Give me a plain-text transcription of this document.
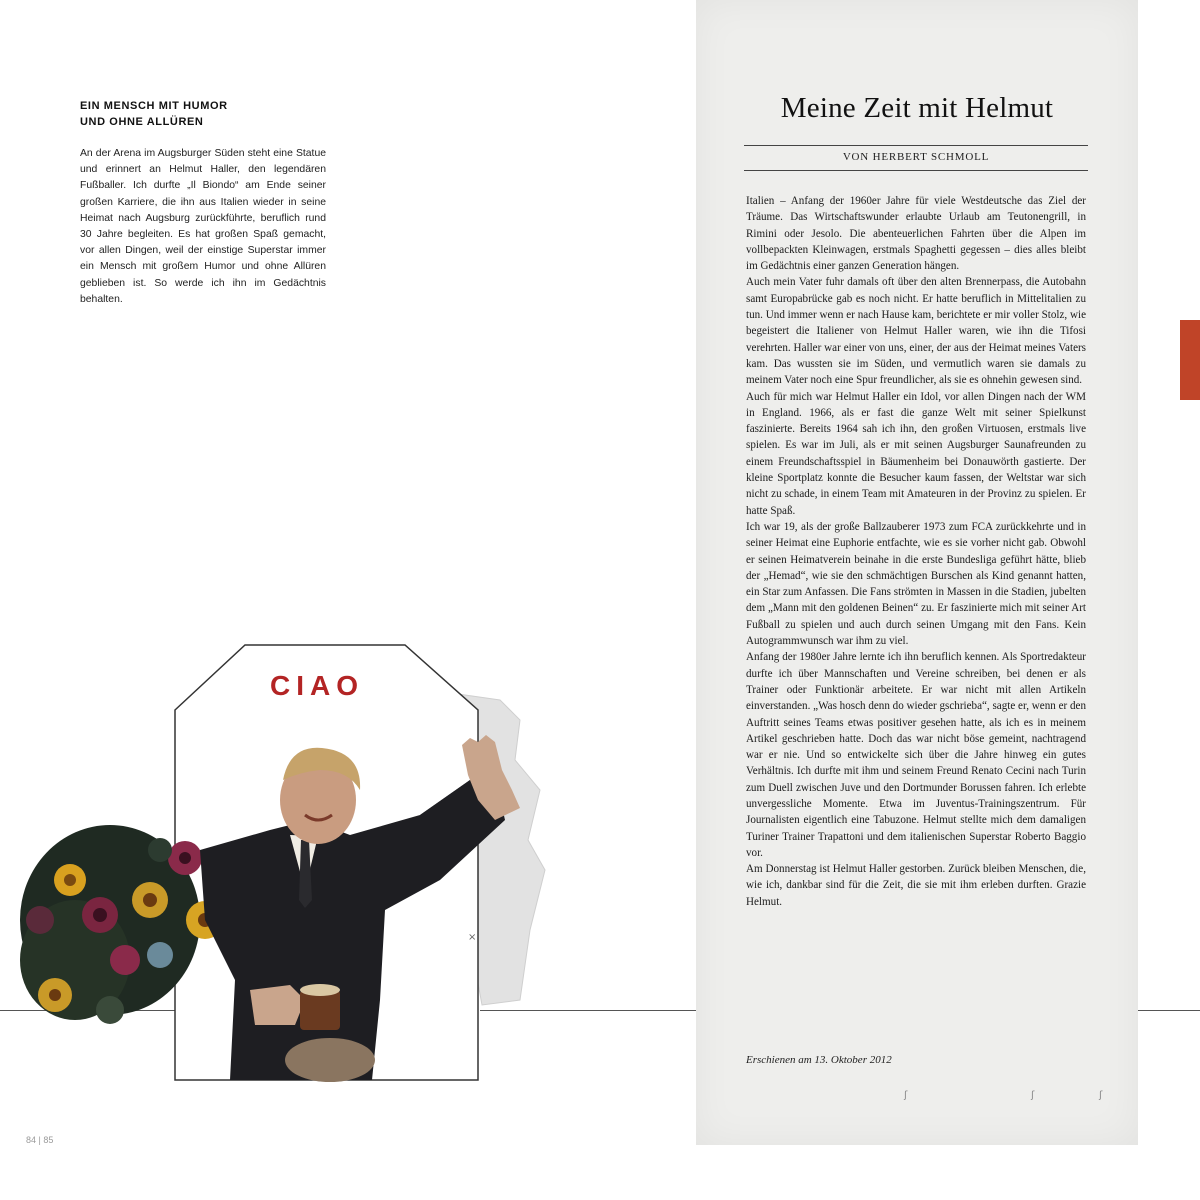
EIN MENSCH MIT HUMOR
UND OHNE ALLÜREN

An der Arena im Augsburger Süden steht eine Statue und erinnert an Helmut Haller, den legendären Fußballer. Ich durfte „Il Biondo“ am Ende seiner großen Karriere, die ihn aus Italien wieder in seine Heimat nach Augsburg zurückführte, beruflich rund 30 Jahre begleiten. Es hat großen Spaß gemacht, vor allen Dingen, weil der einstige Superstar immer ein Mensch mit großem Humor und ohne Allüren geblieben ist. So werde ich ihn im Gedächtnis behalten.

×
CIAO
84 | 85
Meine Zeit mit Helmut
VON HERBERT SCHMOLL

Italien – Anfang der 1960er Jahre für viele Westdeutsche das Ziel der Träume. Das Wirtschaftswunder erlaubte Urlaub am Teutonengrill, in Rimini oder Jesolo. Die abenteuerlichen Fahrten über die Alpen im vollbepackten Kleinwagen, erstmals Spaghetti gegessen – dies alles bleibt im Gedächtnis einer ganzen Generation hängen.

Auch mein Vater fuhr damals oft über den alten Brennerpass, die Autobahn samt Europabrücke gab es noch nicht. Er hatte beruflich in Mittelitalien zu tun. Und immer wenn er nach Hause kam, berichtete er mir voller Stolz, wie begeistert die Italiener von Helmut Haller waren, wie ihn die Tifosi verehrten. Haller war einer von uns, einer, der aus der Heimat meines Vaters kam. Das wussten sie im Süden, und vermutlich waren sie damals zu meinem Vater noch eine Spur freundlicher, als sie es ohnehin gewesen sind.

Auch für mich war Helmut Haller ein Idol, vor allen Dingen nach der WM in England. 1966, als er fast die ganze Welt mit seiner Spielkunst faszinierte. Bereits 1964 sah ich ihn, den großen Virtuosen, erstmals live spielen. Es war im Juli, als er mit seinen Augsburger Saunafreunden zu einem Freundschaftsspiel in Bäumenheim bei Donauwörth gastierte. Der kleine Sportplatz konnte die Besucher kaum fassen, der Weltstar war sich nicht zu schade, in einem Team mit Amateuren in der Provinz zu spielen. Er hatte Spaß.

Ich war 19, als der große Ballzauberer 1973 zum FCA zurückkehrte und in seiner Heimat eine Euphorie entfachte, wie es sie vorher nicht gab. Obwohl er seinen Heimatverein beinahe in die erste Bundesliga geführt hätte, blieb der „Hemad“, wie sie den schmächtigen Burschen als Kind genannt hatten, ein Star zum Anfassen. Die Fans strömten in Massen in die Stadien, jubelten dem „Mann mit den goldenen Beinen“ zu. Er faszinierte mich mit seiner Art Fußball zu spielen und auch durch seinen Umgang mit den Fans. Kein Autogrammwunsch war ihm zu viel.

Anfang der 1980er Jahre lernte ich ihn beruflich kennen. Als Sportredakteur durfte ich über Mannschaften und Vereine schreiben, bei denen er als Trainer oder Funktionär arbeitete. Er war nicht mit allen Artikeln einverstanden. „Was hosch denn do wieder gschrieba“, sagte er, wenn er den Auftritt seines Teams etwas positiver gesehen hatte, als ich es in meinem Artikel geschrieben hatte. Doch das war nicht böse gemeint, nachtragend war er nie. Und so entwickelte sich über die Jahre hinweg ein gutes Verhältnis. Ich durfte mit ihm und seinem Freund Renato Cecini nach Turin zum Duell zwischen Juve und den Dortmunder Borussen fahren. Ich erlebte unvergessliche Momente. Etwa im Juventus-Trainingszentrum. Für Journalisten eigentlich eine Tabuzone. Helmut stellte mich dem damaligen Turiner Trainer Trapattoni und dem italienischen Superstar Roberto Baggio vor.

Am Donnerstag ist Helmut Haller gestorben. Zurück bleiben Menschen, die, wie ich, dankbar sind für die Zeit, die sie mit ihm erleben durften. Grazie Helmut.

Erschienen am 13. Oktober 2012
ʃ	ʃ	ʃ
